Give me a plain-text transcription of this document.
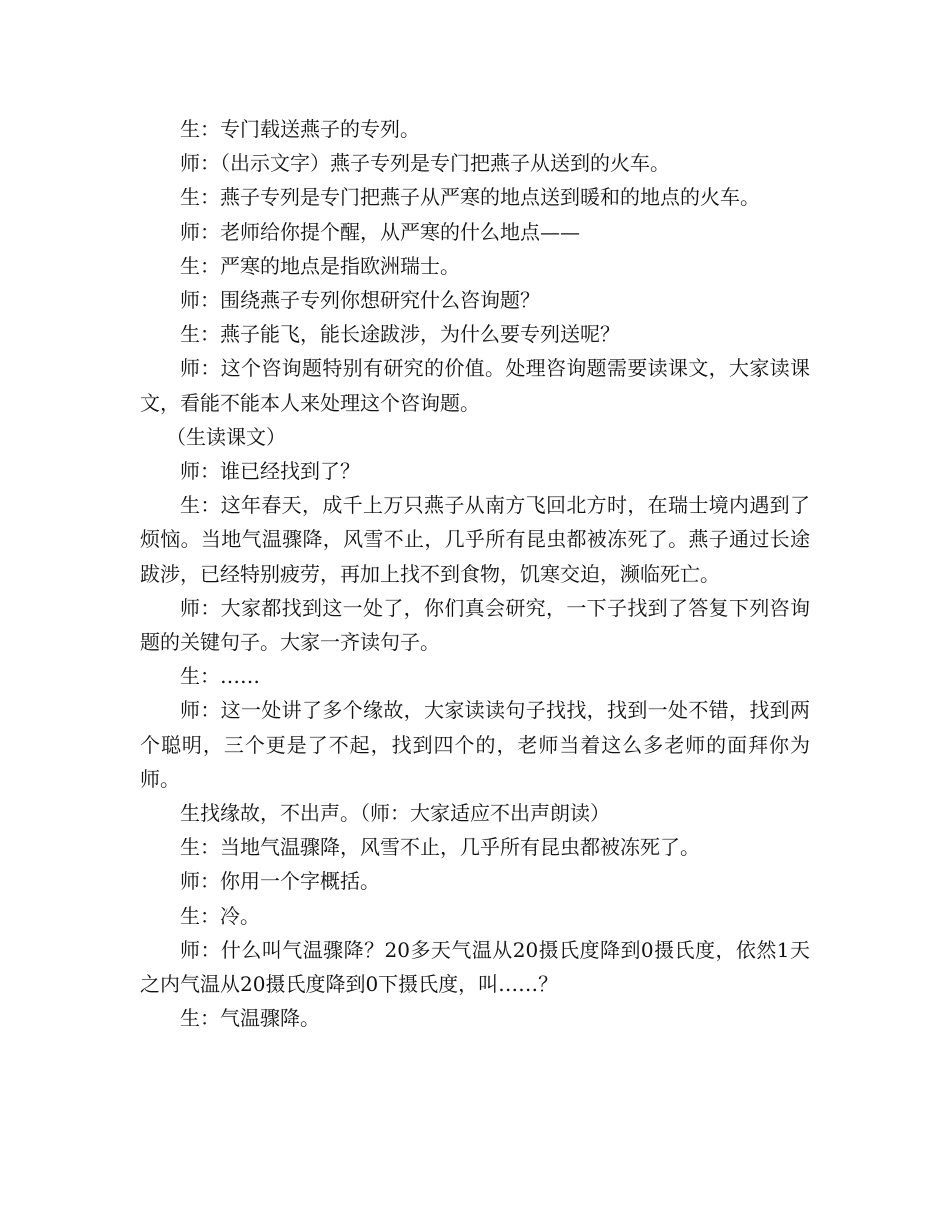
生：专门载送燕子的专列。

师：（出示文字）燕子专列是专门把燕子从送到的火车。

生：燕子专列是专门把燕子从严寒的地点送到暖和的地点的火车。

师：老师给你提个醒，从严寒的什么地点——

生：严寒的地点是指欧洲瑞士。

师：围绕燕子专列你想研究什么咨询题？

生：燕子能飞，能长途跋涉，为什么要专列送呢？

师：这个咨询题特别有研究的价值。处理咨询题需要读课文，大家读课文，看能不能本人来处理这个咨询题。

（生读课文）

师：谁已经找到了？

生：这年春天，成千上万只燕子从南方飞回北方时，在瑞士境内遇到了烦恼。当地气温骤降，风雪不止，几乎所有昆虫都被冻死了。燕子通过长途跋涉，已经特别疲劳，再加上找不到食物，饥寒交迫，濒临死亡。

师：大家都找到这一处了，你们真会研究，一下子找到了答复下列咨询题的关键句子。大家一齐读句子。

生：……

师：这一处讲了多个缘故，大家读读句子找找，找到一处不错，找到两个聪明，三个更是了不起，找到四个的，老师当着这么多老师的面拜你为师。

生找缘故，不出声。（师：大家适应不出声朗读）

生：当地气温骤降，风雪不止，几乎所有昆虫都被冻死了。

师：你用一个字概括。

生：冷。

师：什么叫气温骤降？20多天气温从20摄氏度降到0摄氏度，依然1天之内气温从20摄氏度降到0下摄氏度，叫……？

生：气温骤降。
